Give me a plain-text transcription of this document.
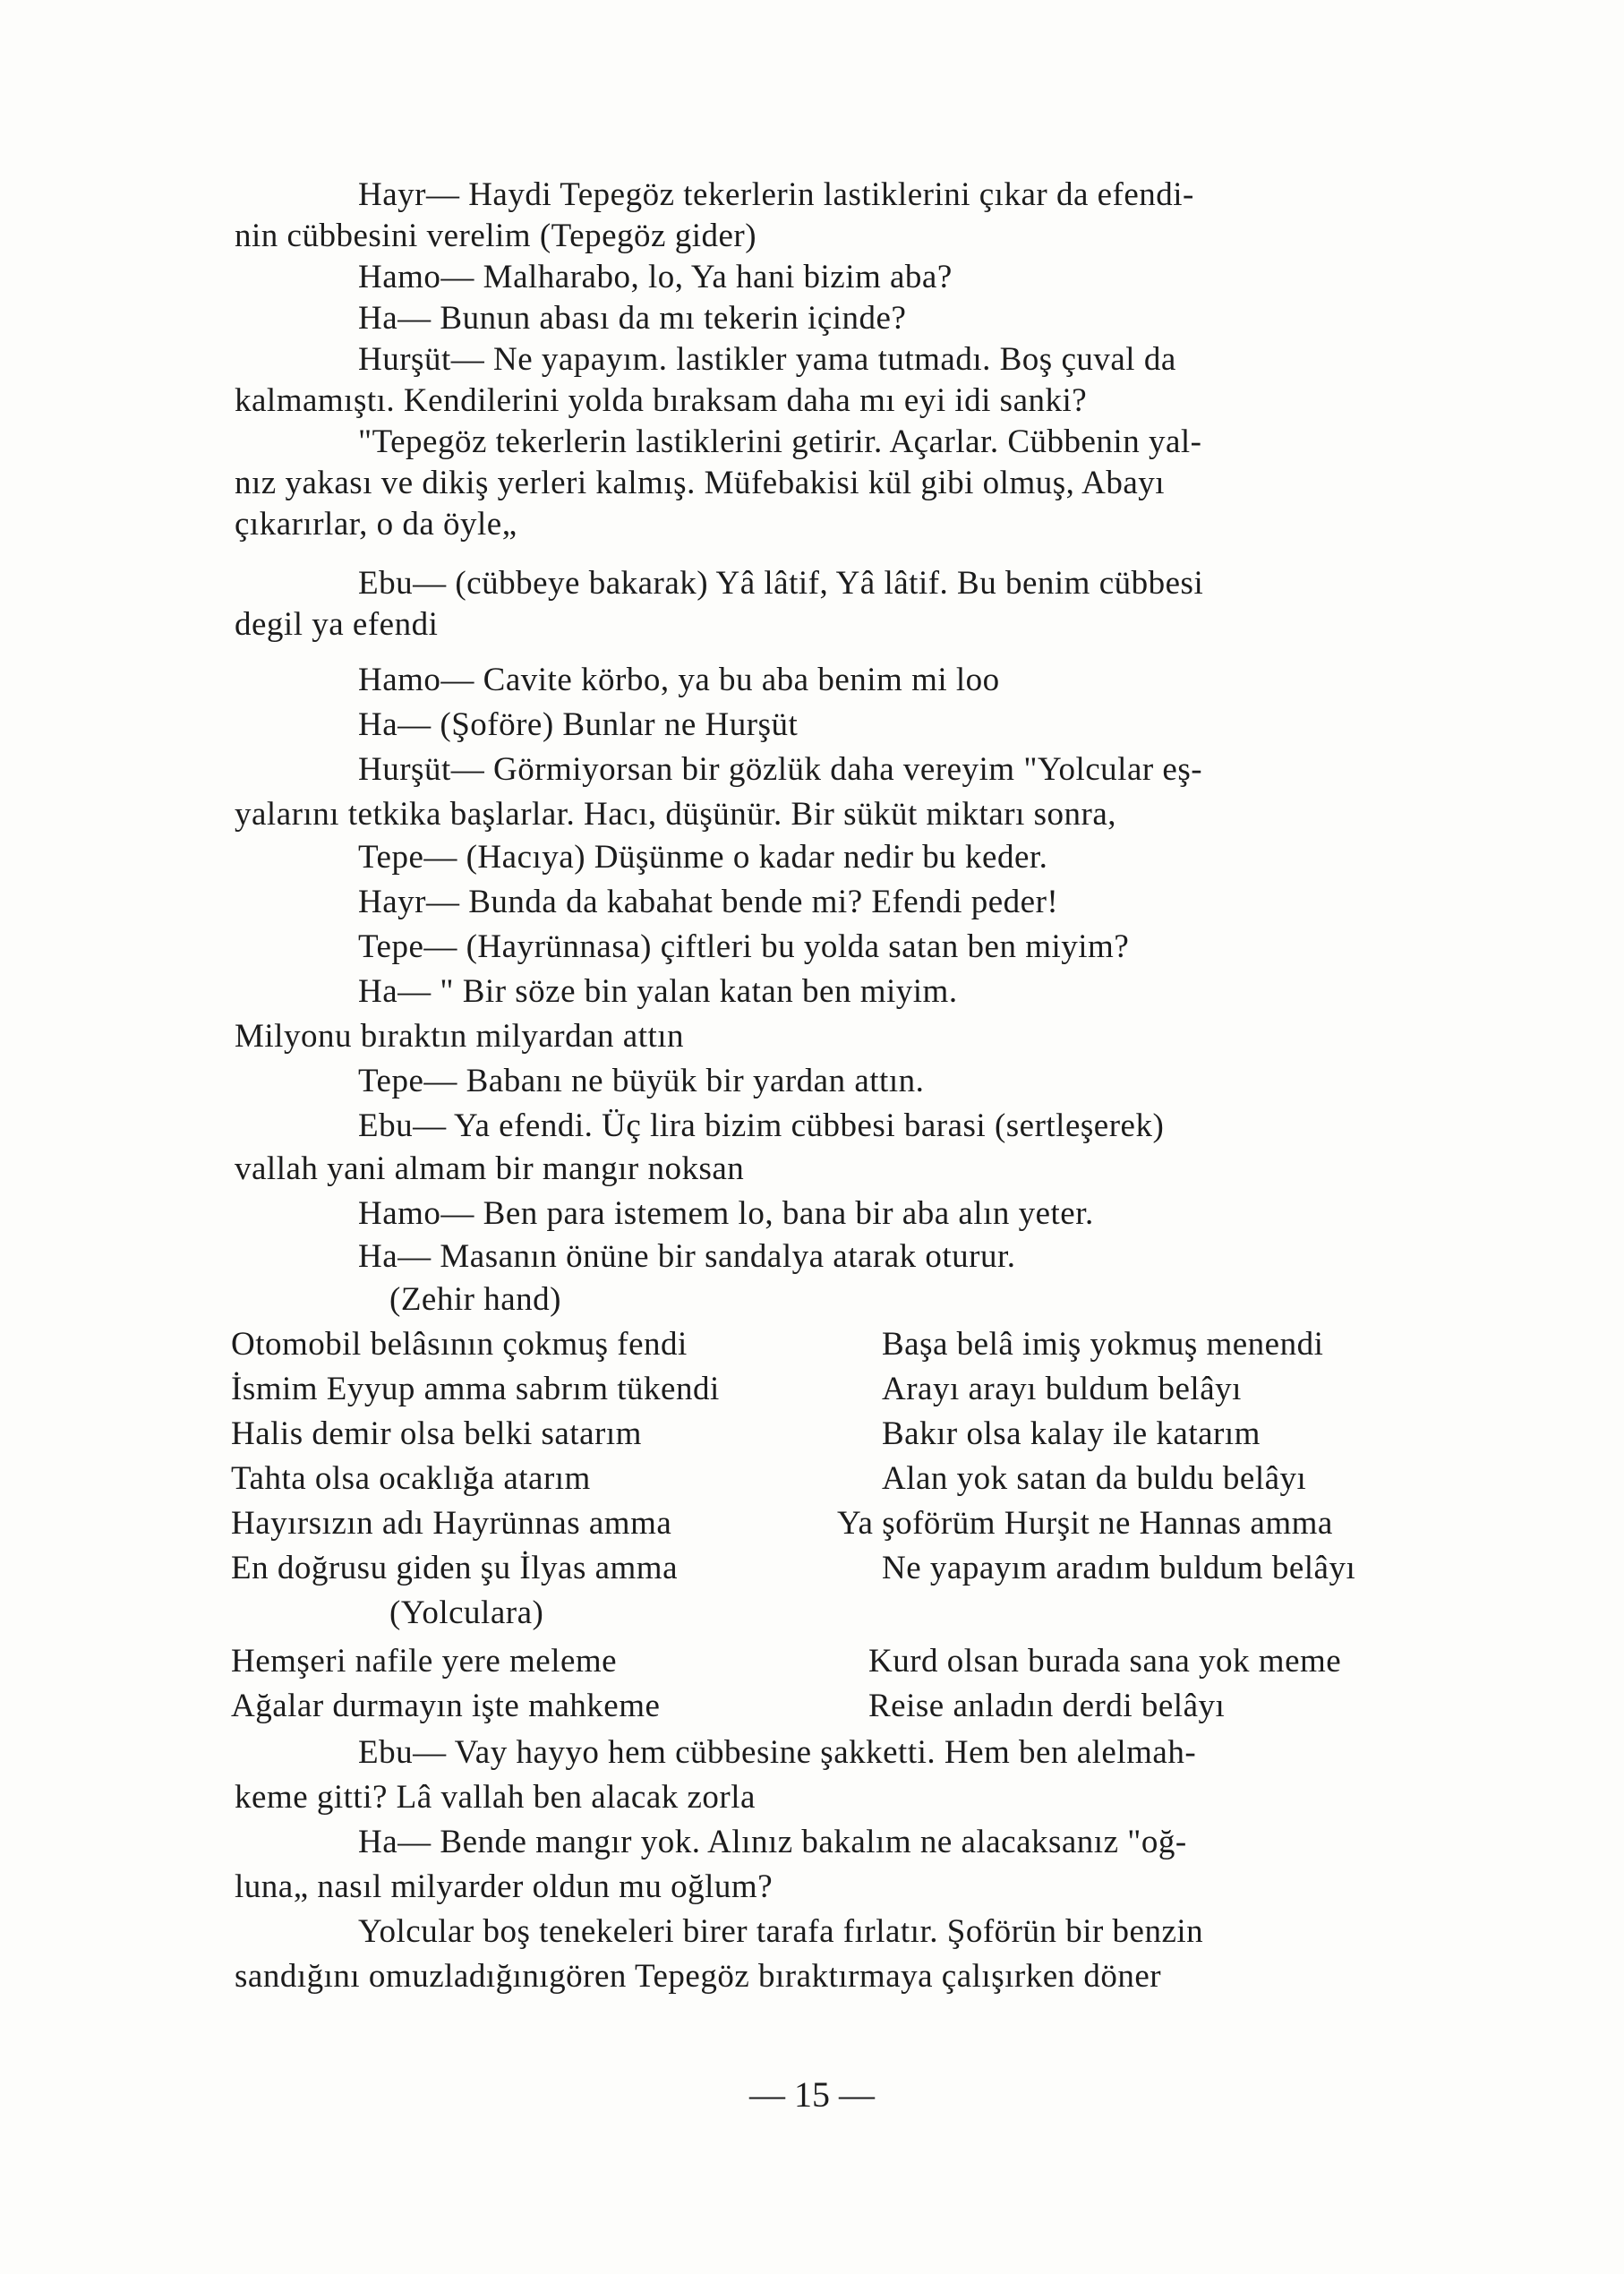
Hayr— Haydi Tepegöz tekerlerin lastiklerini çıkar da efendi-
nin cübbesini verelim (Tepegöz gider)
Hamo— Malharabo, lo, Ya hani bizim aba?
Ha— Bunun abası da mı tekerin içinde?
Hurşüt— Ne yapayım. lastikler yama tutmadı. Boş çuval da
kalmamıştı. Kendilerini yolda bıraksam daha mı eyi idi sanki?
"Tepegöz tekerlerin lastiklerini getirir. Açarlar. Cübbenin yal-
nız yakası ve dikiş yerleri kalmış. Müfebakisi kül gibi olmuş, Abayı
çıkarırlar, o da öyle„
Ebu— (cübbeye bakarak) Yâ lâtif, Yâ lâtif. Bu benim cübbesi
degil ya efendi
Hamo— Cavite körbo, ya bu aba benim mi loo
Ha— (Şoföre) Bunlar ne Hurşüt
Hurşüt— Görmiyorsan bir gözlük daha vereyim "Yolcular eş-
yalarını tetkika başlarlar. Hacı, düşünür. Bir süküt miktarı sonra,
Tepe— (Hacıya) Düşünme o kadar nedir bu keder.
Hayr— Bunda da kabahat bende mi? Efendi peder!
Tepe— (Hayrünnasa) çiftleri bu yolda satan ben miyim?
Ha— " Bir söze bin yalan katan ben miyim.
Milyonu bıraktın milyardan attın
Tepe— Babanı ne büyük bir yardan attın.
Ebu— Ya efendi. Üç lira bizim cübbesi barasi (sertleşerek)
vallah yani almam bir mangır noksan
Hamo— Ben para istemem lo, bana bir aba alın yeter.
Ha— Masanın önüne bir sandalya atarak oturur.
(Zehir hand)
Otomobil belâsının çokmuş fendi	Başa belâ imiş yokmuş menendi
İsmim Eyyup amma sabrım tükendi	Arayı arayı buldum belâyı
Halis demir olsa belki satarım	Bakır olsa kalay ile katarım
Tahta olsa ocaklığa atarım	Alan yok satan da buldu belâyı
Hayırsızın adı Hayrünnas amma	Ya şoförüm Hurşit ne Hannas amma
En doğrusu giden şu İlyas amma	Ne yapayım aradım buldum belâyı
(Yolculara)
Hemşeri nafile yere meleme	Kurd olsan burada sana yok meme
Ağalar durmayın işte mahkeme	Reise anladın derdi belâyı
Ebu— Vay hayyo hem cübbesine şakketti. Hem ben alelmah-
keme gitti? Lâ vallah ben alacak zorla
Ha— Bende mangır yok. Alınız bakalım ne alacaksanız "oğ-
luna„ nasıl milyarder oldun mu oğlum?
Yolcular boş tenekeleri birer tarafa fırlatır. Şoförün bir benzin
sandığını omuzladığınıgören Tepegöz bıraktırmaya çalışırken döner
— 15 —
